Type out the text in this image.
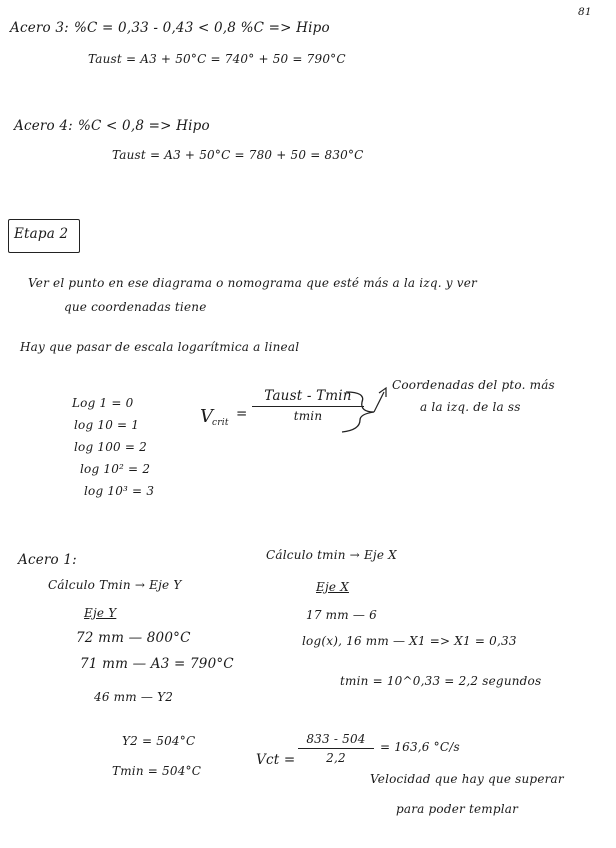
81
Acero 3: %C = 0,33 - 0,43 < 0,8 %C => Hipo
Taust = A3 + 50°C = 740° + 50 = 790°C
Acero 4: %C < 0,8 => Hipo
Taust = A3 + 50°C = 780 + 50 = 830°C
Etapa 2
Ver el punto en ese diagrama o nomograma que esté más a la izq. y ver
que coordenadas tiene
Hay que pasar de escala logarítmica a lineal
Log 1 = 0
log 10 = 1
log 100 = 2
log 10² = 2
log 10³ = 3
V
crit
=
Taust - Tmin
tmin
Coordenadas del pto. más
a la izq. de la ss
Acero 1:
Cálculo Tmin → Eje Y
Eje Y
72 mm — 800°C
71 mm — A3 = 790°C
46 mm — Y2
Y2 = 504°C
Tmin = 504°C
Cálculo tmin → Eje X
Eje X
17 mm — 6
log(x), 16 mm — X1 => X1 = 0,33
tmin = 10^0,33 = 2,2 segundos
Vct =
833 - 504
2,2
= 163,6 °C/s
Velocidad que hay que superar
para poder templar
